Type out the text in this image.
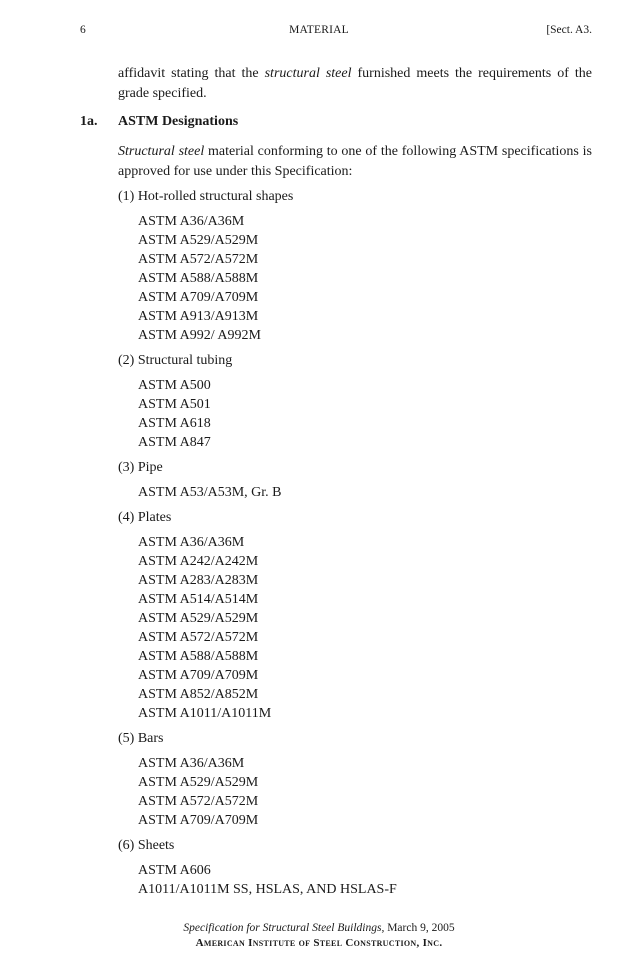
6	MATERIAL	[Sect. A3.
affidavit stating that the structural steel furnished meets the requirements of the grade specified.
1a. ASTM Designations
Structural steel material conforming to one of the following ASTM specifications is approved for use under this Specification:
(1) Hot-rolled structural shapes
ASTM A36/A36M
ASTM A529/A529M
ASTM A572/A572M
ASTM A588/A588M
ASTM A709/A709M
ASTM A913/A913M
ASTM A992/ A992M
(2) Structural tubing
ASTM A500
ASTM A501
ASTM A618
ASTM A847
(3) Pipe
ASTM A53/A53M, Gr. B
(4) Plates
ASTM A36/A36M
ASTM A242/A242M
ASTM A283/A283M
ASTM A514/A514M
ASTM A529/A529M
ASTM A572/A572M
ASTM A588/A588M
ASTM A709/A709M
ASTM A852/A852M
ASTM A1011/A1011M
(5) Bars
ASTM A36/A36M
ASTM A529/A529M
ASTM A572/A572M
ASTM A709/A709M
(6) Sheets
ASTM A606
A1011/A1011M SS, HSLAS, AND HSLAS-F
Specification for Structural Steel Buildings, March 9, 2005
American Institute of Steel Construction, Inc.
